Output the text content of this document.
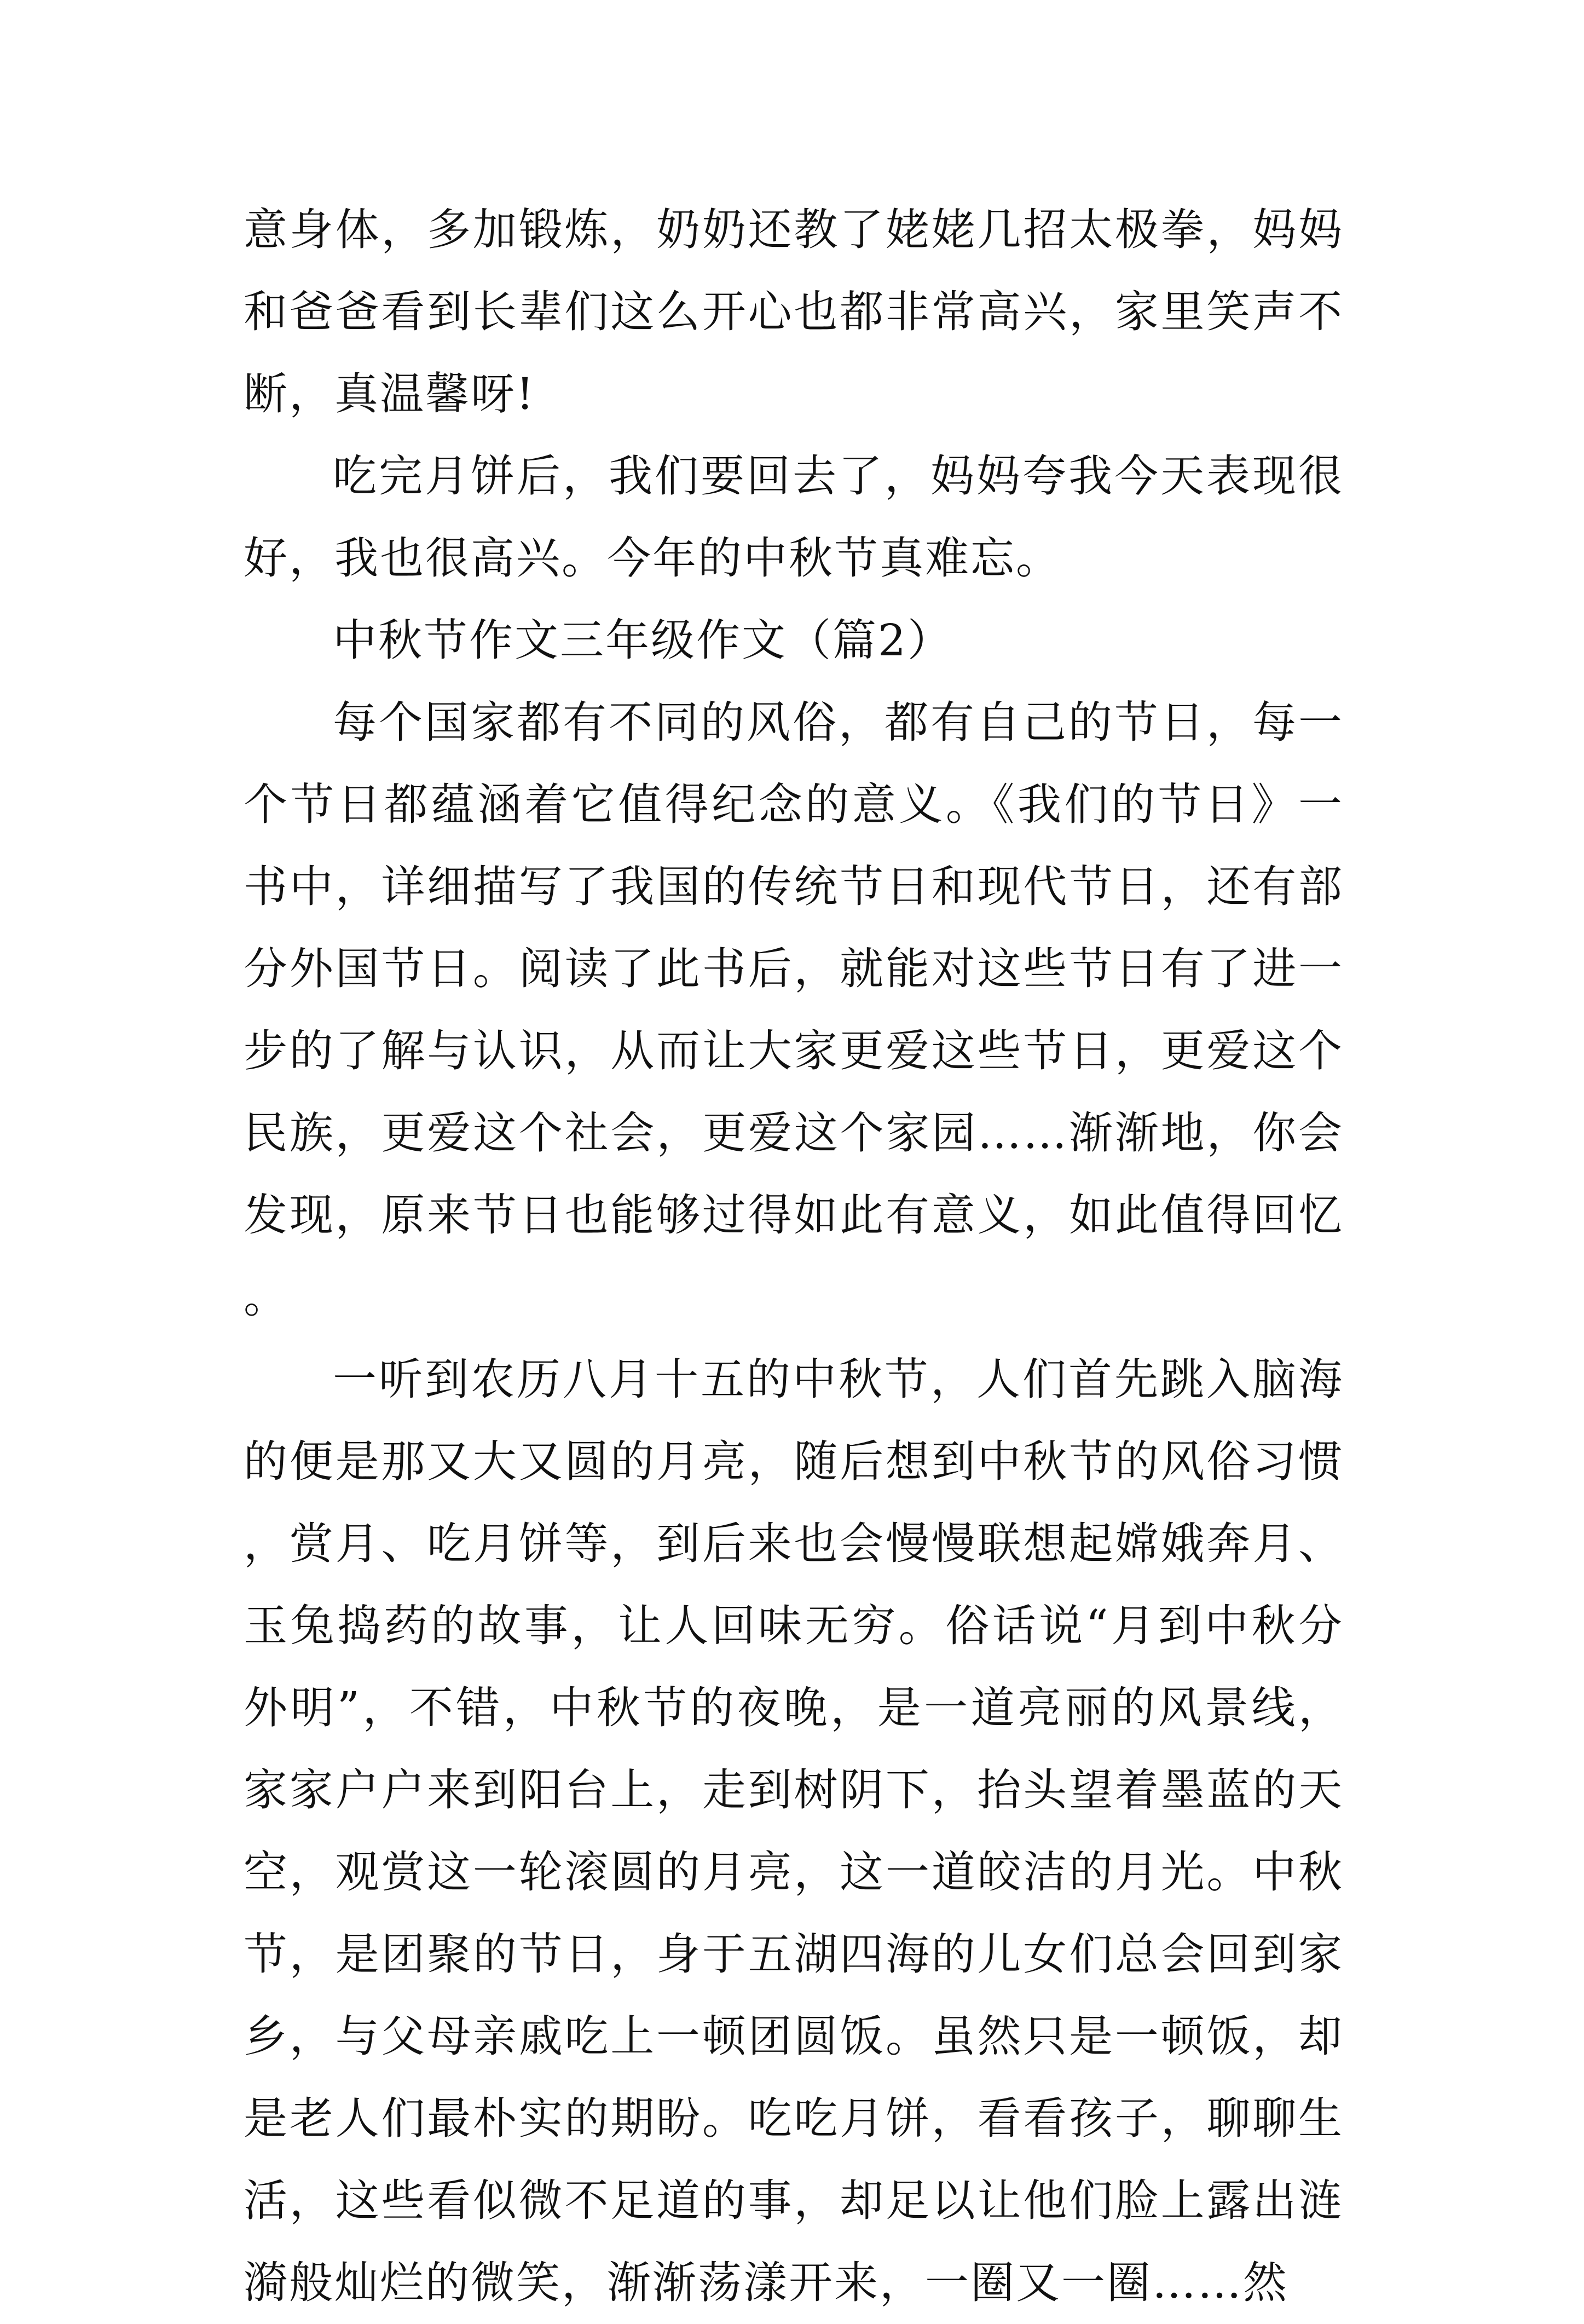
意身体，多加锻炼，奶奶还教了姥姥几招太极拳，妈妈和爸爸看到长辈们这么开心也都非常高兴，家里笑声不断，真温馨呀!

吃完月饼后，我们要回去了，妈妈夸我今天表现很好，我也很高兴。今年的中秋节真难忘。

中秋节作文三年级作文（篇2）

每个国家都有不同的风俗，都有自己的节日，每一个节日都蕴涵着它值得纪念的意义。《我们的节日》一书中，详细描写了我国的传统节日和现代节日，还有部分外国节日。阅读了此书后，就能对这些节日有了进一步的了解与认识，从而让大家更爱这些节日，更爱这个民族，更爱这个社会，更爱这个家园……渐渐地，你会发现，原来节日也能够过得如此有意义，如此值得回忆。

一听到农历八月十五的中秋节，人们首先跳入脑海的便是那又大又圆的月亮，随后想到中秋节的风俗习惯，赏月、吃月饼等，到后来也会慢慢联想起嫦娥奔月、玉兔捣药的故事，让人回味无穷。俗话说“月到中秋分外明”，不错，中秋节的夜晚，是一道亮丽的风景线，家家户户来到阳台上，走到树阴下，抬头望着墨蓝的天空，观赏这一轮滚圆的月亮，这一道皎洁的月光。中秋节，是团聚的节日，身于五湖四海的儿女们总会回到家乡，与父母亲戚吃上一顿团圆饭。虽然只是一顿饭，却是老人们最朴实的期盼。吃吃月饼，看看孩子，聊聊生活，这些看似微不足道的事，却足以让他们脸上露出涟漪般灿烂的微笑，渐渐荡漾开来，一圈又一圈……然
